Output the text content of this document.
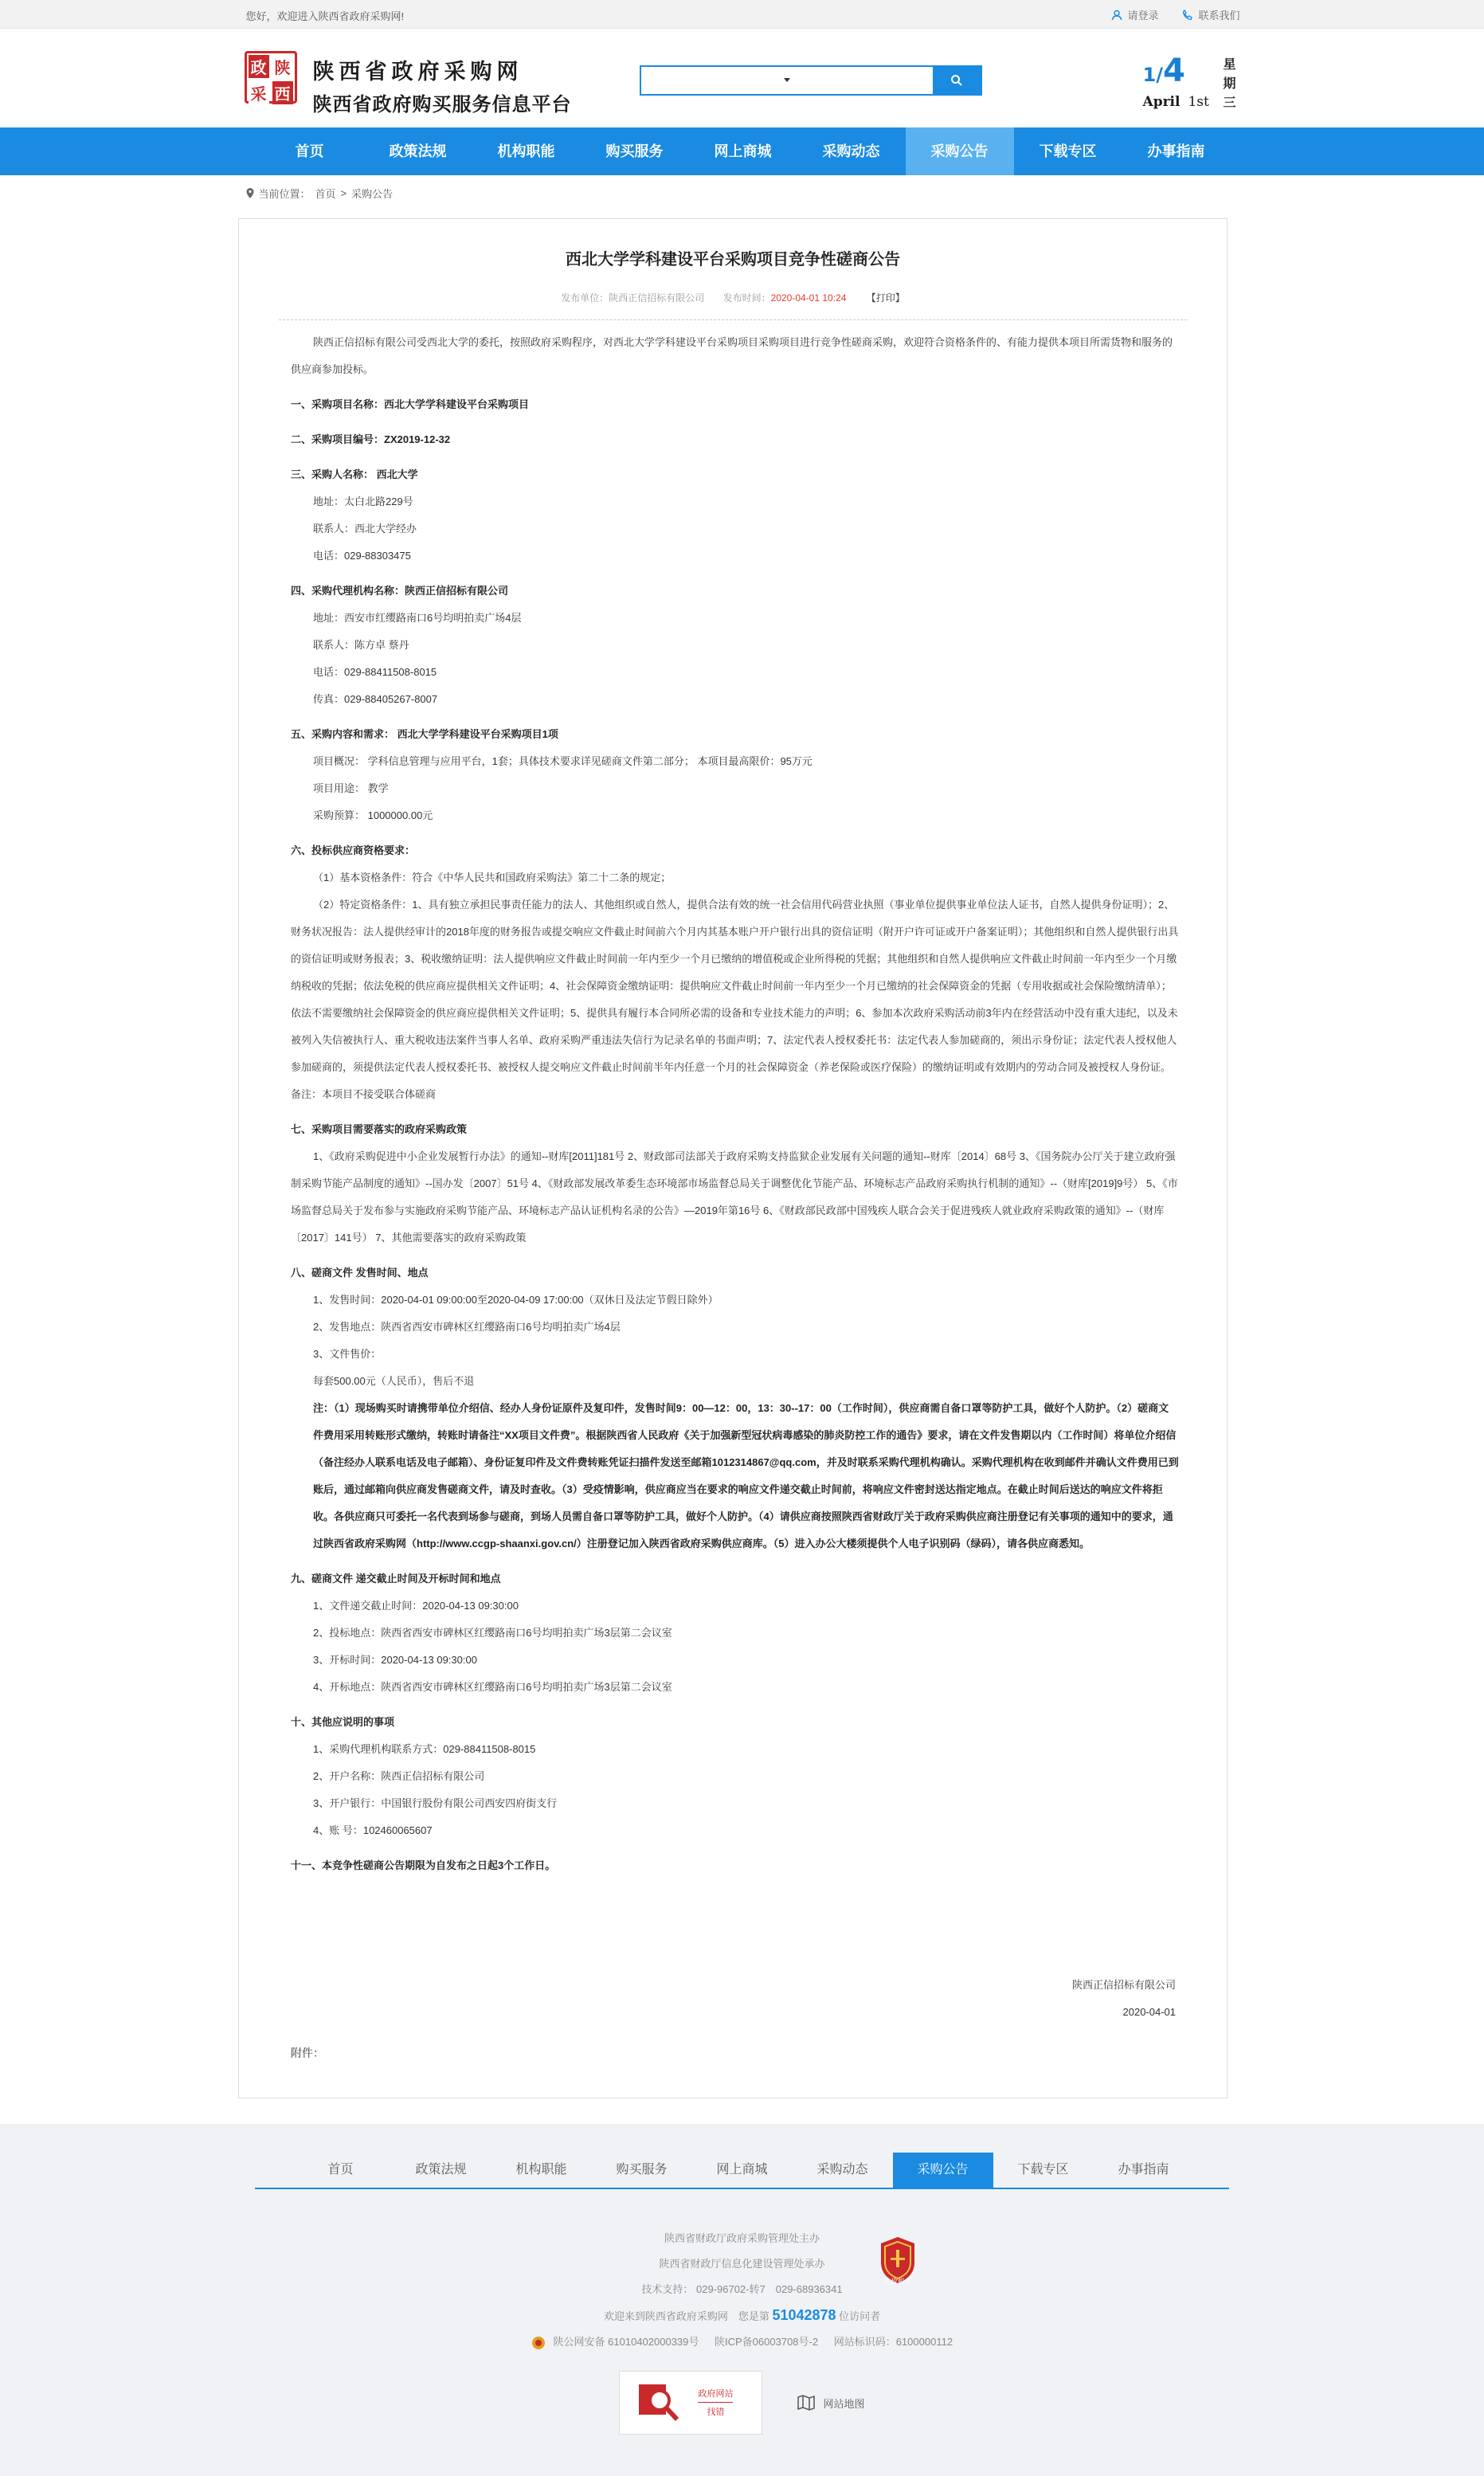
您好，欢迎进入陕西省政府采购网!	请登录	联系我们
政 陕
采 西
陕西省政府采购网
陕西省政府购买服务信息平台
1/4
April 1st
星
期
三
首页	政策法规	机构职能	购买服务	网上商城	采购动态	采购公告	下载专区	办事指南
当前位置： 首页 > 采购公告
西北大学学科建设平台采购项目竞争性磋商公告
发布单位：陕西正信招标有限公司 发布时间：2020-04-01 10:24 【打印】

陕西正信招标有限公司受西北大学的委托，按照政府采购程序，对西北大学学科建设平台采购项目采购项目进行竞争性磋商采购，欢迎符合资格条件的、有能力提供本项目所需货物和服务的供应商参加投标。

一、采购项目名称：西北大学学科建设平台采购项目

二、采购项目编号：ZX2019-12-32

三、采购人名称： 西北大学

地址：太白北路229号

联系人：西北大学经办

电话：029-88303475

四、采购代理机构名称：陕西正信招标有限公司

地址：西安市红缨路南口6号均明拍卖广场4层

联系人：陈方卓 蔡丹

电话：029-88411508-8015

传真：029-88405267-8007

五、采购内容和需求： 西北大学学科建设平台采购项目1项

项目概况： 学科信息管理与应用平台，1套；具体技术要求详见磋商文件第二部分； 本项目最高限价：95万元

项目用途： 教学

采购预算： 1000000.00元

六、投标供应商资格要求：

（1）基本资格条件：符合《中华人民共和国政府采购法》第二十二条的规定；

（2）特定资格条件：1、具有独立承担民事责任能力的法人、其他组织或自然人，提供合法有效的统一社会信用代码营业执照（事业单位提供事业单位法人证书，自然人提供身份证明）；2、财务状况报告：法人提供经审计的2018年度的财务报告或提交响应文件截止时间前六个月内其基本账户开户银行出具的资信证明（附开户许可证或开户备案证明）；其他组织和自然人提供银行出具的资信证明或财务报表；3、税收缴纳证明：法人提供响应文件截止时间前一年内至少一个月已缴纳的增值税或企业所得税的凭据；其他组织和自然人提供响应文件截止时间前一年内至少一个月缴纳税收的凭据；依法免税的供应商应提供相关文件证明；4、社会保障资金缴纳证明：提供响应文件截止时间前一年内至少一个月已缴纳的社会保障资金的凭据（专用收据或社会保险缴纳清单）；依法不需要缴纳社会保障资金的供应商应提供相关文件证明；5、提供具有履行本合同所必需的设备和专业技术能力的声明；6、参加本次政府采购活动前3年内在经营活动中没有重大违纪，以及未被列入失信被执行人、重大税收违法案件当事人名单、政府采购严重违法失信行为记录名单的书面声明；7、法定代表人授权委托书：法定代表人参加磋商的，须出示身份证；法定代表人授权他人参加磋商的，须提供法定代表人授权委托书、被授权人提交响应文件截止时间前半年内任意一个月的社会保障资金（养老保险或医疗保险）的缴纳证明或有效期内的劳动合同及被授权人身份证。 备注：本项目不接受联合体磋商

七、采购项目需要落实的政府采购政策

1、《政府采购促进中小企业发展暂行办法》的通知--财库[2011]181号 2、财政部司法部关于政府采购支持监狱企业发展有关问题的通知--财库〔2014〕68号 3、《国务院办公厅关于建立政府强制采购节能产品制度的通知》--国办发〔2007〕51号 4、《财政部发展改革委生态环境部市场监督总局关于调整优化节能产品、环境标志产品政府采购执行机制的通知》--（财库[2019]9号） 5、《市场监督总局关于发布参与实施政府采购节能产品、环境标志产品认证机构名录的公告》—2019年第16号 6、《财政部民政部中国残疾人联合会关于促进残疾人就业政府采购政策的通知》--（财库〔2017〕141号） 7、其他需要落实的政府采购政策

八、磋商文件 发售时间、地点

1、发售时间：2020-04-01 09:00:00至2020-04-09 17:00:00（双休日及法定节假日除外）

2、发售地点：陕西省西安市碑林区红缨路南口6号均明拍卖广场4层

3、文件售价：

每套500.00元（人民币），售后不退

注：（1）现场购买时请携带单位介绍信、经办人身份证原件及复印件，发售时间9：00—12：00，13：30--17：00（工作时间），供应商需自备口罩等防护工具，做好个人防护。（2）磋商文件费用采用转账形式缴纳，转账时请备注“XX项目文件费”。根据陕西省人民政府《关于加强新型冠状病毒感染的肺炎防控工作的通告》要求，请在文件发售期以内（工作时间）将单位介绍信（备注经办人联系电话及电子邮箱）、身份证复印件及文件费转账凭证扫描件发送至邮箱1012314867@qq.com，并及时联系采购代理机构确认。采购代理机构在收到邮件并确认文件费用已到账后，通过邮箱向供应商发售磋商文件，请及时查收。（3）受疫情影响，供应商应当在要求的响应文件递交截止时间前，将响应文件密封送达指定地点。在截止时间后送达的响应文件将拒收。各供应商只可委托一名代表到场参与磋商，到场人员需自备口罩等防护工具，做好个人防护。（4）请供应商按照陕西省财政厅关于政府采购供应商注册登记有关事项的通知中的要求，通过陕西省政府采购网（http://www.ccgp-shaanxi.gov.cn/）注册登记加入陕西省政府采购供应商库。（5）进入办公大楼须提供个人电子识别码（绿码），请各供应商悉知。

九、磋商文件 递交截止时间及开标时间和地点

1、文件递交截止时间：2020-04-13 09:30:00

2、投标地点：陕西省西安市碑林区红缨路南口6号均明拍卖广场3层第二会议室

3、开标时间：2020-04-13 09:30:00

4、开标地点：陕西省西安市碑林区红缨路南口6号均明拍卖广场3层第二会议室

十、其他应说明的事项

1、采购代理机构联系方式：029-88411508-8015

2、开户名称：陕西正信招标有限公司

3、开户银行：中国银行股份有限公司西安四府街支行

4、账 号：102460065607

十一、本竞争性磋商公告期限为自发布之日起3个工作日。

陕西正信招标有限公司
2020-04-01
附件：
首页	政策法规	机构职能	购买服务	网上商城	采购动态	采购公告	下载专区	办事指南
陕西省财政厅政府采购管理处主办
陕西省财政厅信息化建设管理处承办
技术支持： 029-96702-转7　029-68936341
欢迎来到陕西省政府采购网　您是第 51042878 位访问者
陕公网安备 61010402000339号 陕ICP备06003708号-2 网站标识码：6100000112
党政机关
政府网站
找错
网站地图
